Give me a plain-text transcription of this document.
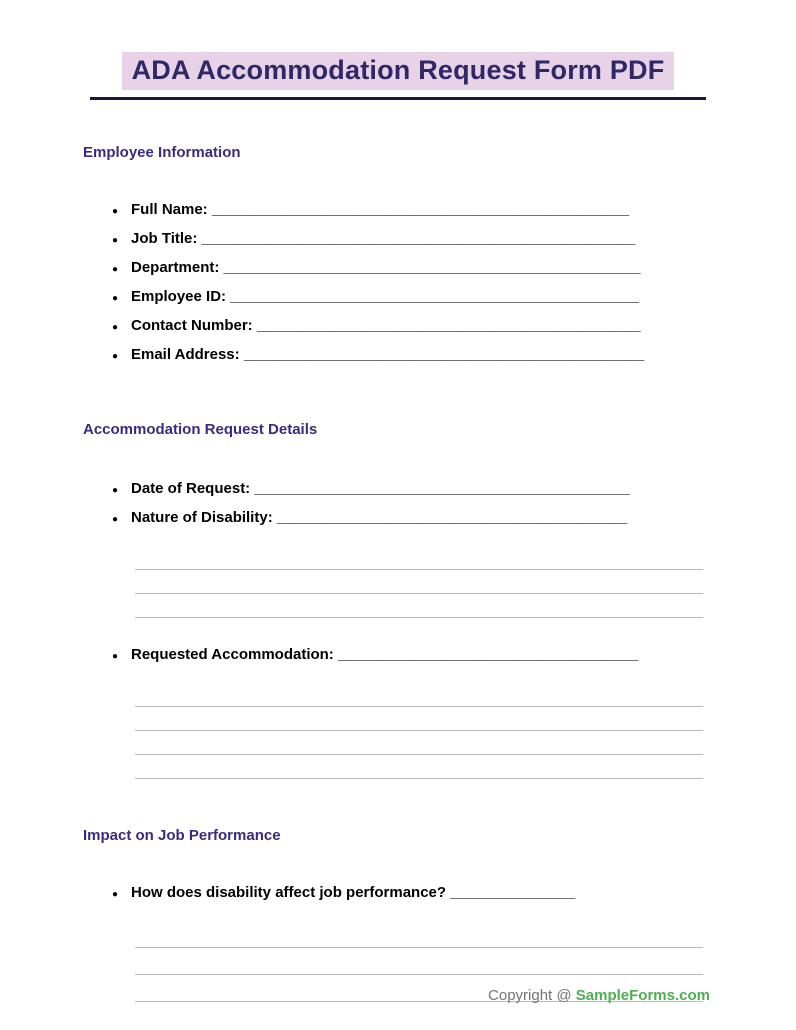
ADA Accommodation Request Form PDF
Employee Information
● Full Name: __________________________________________________
● Job Title: ____________________________________________________
● Department: __________________________________________________
● Employee ID: _________________________________________________
● Contact Number: ______________________________________________
● Email Address: ________________________________________________
Accommodation Request Details
● Date of Request: _____________________________________________
● Nature of Disability: __________________________________________
● Requested Accommodation: ____________________________________
Impact on Job Performance
● How does disability affect job performance? _______________
Copyright @ SampleForms.com
